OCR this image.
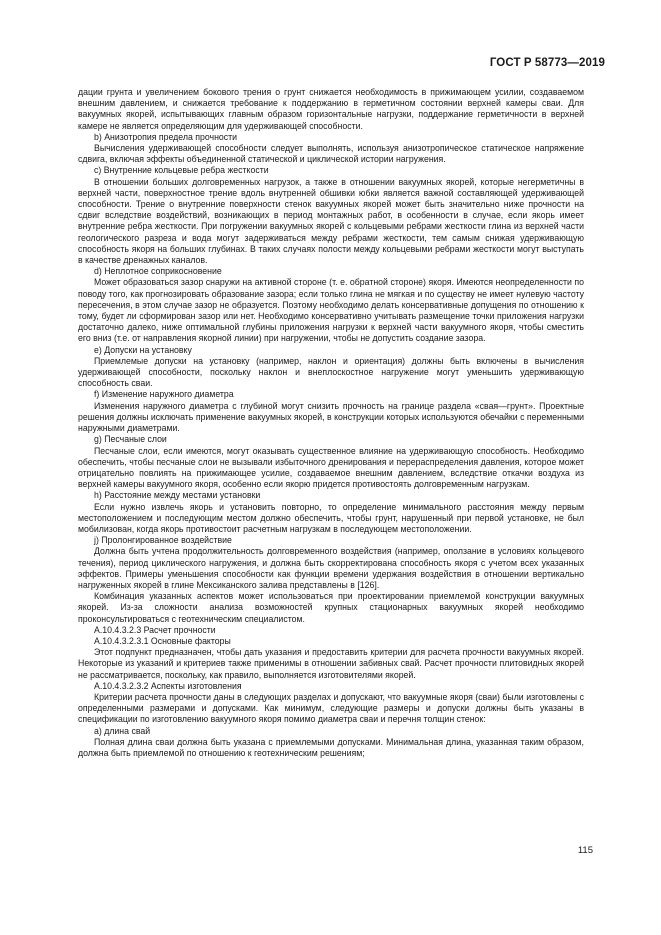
ГОСТ Р 58773—2019

дации грунта и увеличением бокового трения о грунт снижается необходимость в прижимающем усилии, создаваемом внешним давлением, и снижается требование к поддержанию в герметичном состоянии верхней камеры сваи. Для вакуумных якорей, испытывающих главным образом горизонтальные нагрузки, поддержание герметичности в верхней камере не является определяющим для удерживающей способности.

b) Анизотропия предела прочности

Вычисления удерживающей способности следует выполнять, используя анизотропическое статическое напряжение сдвига, включая эффекты объединенной статической и циклической истории нагружения.

c) Внутренние кольцевые ребра жесткости

В отношении больших долговременных нагрузок, а также в отношении вакуумных якорей, которые негерметичны в верхней части, поверхностное трение вдоль внутренней обшивки юбки является важной составляющей удерживающей способности. Трение о внутренние поверхности стенок вакуумных якорей может быть значительно ниже прочности на сдвиг вследствие воздействий, возникающих в период монтажных работ, в особенности в случае, если якорь имеет внутренние ребра жесткости. При погружении вакуумных якорей с кольцевыми ребрами жесткости глина из верхней части геологического разреза и вода могут задерживаться между ребрами жесткости, тем самым снижая удерживающую способность якоря на больших глубинах. В таких случаях полости между кольцевыми ребрами жесткости могут выступать в качестве дренажных каналов.

d) Неплотное соприкосновение

Может образоваться зазор снаружи на активной стороне (т. е. обратной стороне) якоря. Имеются неопределенности по поводу того, как прогнозировать образование зазора; если только глина не мягкая и по существу не имеет нулевую частоту пересечения, в этом случае зазор не образуется. Поэтому необходимо делать консервативные допущения по отношению к тому, будет ли сформирован зазор или нет. Необходимо консервативно учитывать размещение точки приложения нагрузки достаточно далеко, ниже оптимальной глубины приложения нагрузки к верхней части вакуумного якоря, чтобы сместить его вниз (т.е. от направления якорной линии) при нагружении, чтобы не допустить создание зазора.

e) Допуски на установку

Приемлемые допуски на установку (например, наклон и ориентация) должны быть включены в вычисления удерживающей способности, поскольку наклон и внеплоскостное нагружение могут уменьшить удерживающую способность сваи.

f) Изменение наружного диаметра

Изменения наружного диаметра с глубиной могут снизить прочность на границе раздела «свая—грунт». Проектные решения должны исключать применение вакуумных якорей, в конструкции которых используются обечайки с переменными наружными диаметрами.

g) Песчаные слои

Песчаные слои, если имеются, могут оказывать существенное влияние на удерживающую способность. Необходимо обеспечить, чтобы песчаные слои не вызывали избыточного дренирования и перераспределения давления, которое может отрицательно повлиять на прижимающее усилие, создаваемое внешним давлением, вследствие откачки воздуха из верхней камеры вакуумного якоря, особенно если якорю придется противостоять долговременным нагрузкам.

h) Расстояние между местами установки

Если нужно извлечь якорь и установить повторно, то определение минимального расстояния между первым местоположением и последующим местом должно обеспечить, чтобы грунт, нарушенный при первой установке, не был мобилизован, когда якорь противостоит расчетным нагрузкам в последующем местоположении.

j) Пролонгированное воздействие

Должна быть учтена продолжительность долговременного воздействия (например, оползание в условиях кольцевого течения), период циклического нагружения, и должна быть скорректирована способность якоря с учетом всех указанных эффектов. Примеры уменьшения способности как функции времени удержания воздействия в отношении вертикально нагруженных якорей в глине Мексиканского залива представлены в [126].

Комбинация указанных аспектов может использоваться при проектировании приемлемой конструкции вакуумных якорей. Из-за сложности анализа возможностей крупных стационарных вакуумных якорей необходимо проконсультироваться с геотехническим специалистом.

А.10.4.3.2.3 Расчет прочности

А.10.4.3.2.3.1 Основные факторы

Этот подпункт предназначен, чтобы дать указания и предоставить критерии для расчета прочности вакуумных якорей. Некоторые из указаний и критериев также применимы в отношении забивных свай. Расчет прочности плитовидных якорей не рассматривается, поскольку, как правило, выполняется изготовителями якорей.

А.10.4.3.2.3.2 Аспекты изготовления

Критерии расчета прочности даны в следующих разделах и допускают, что вакуумные якоря (сваи) были изготовлены с определенными размерами и допусками. Как минимум, следующие размеры и допуски должны быть указаны в спецификации по изготовлению вакуумного якоря помимо диаметра сваи и перечня толщин стенок:

а) длина свай

Полная длина сваи должна быть указана с приемлемыми допусками. Минимальная длина, указанная таким образом, должна быть приемлемой по отношению к геотехническим решениям;

115
